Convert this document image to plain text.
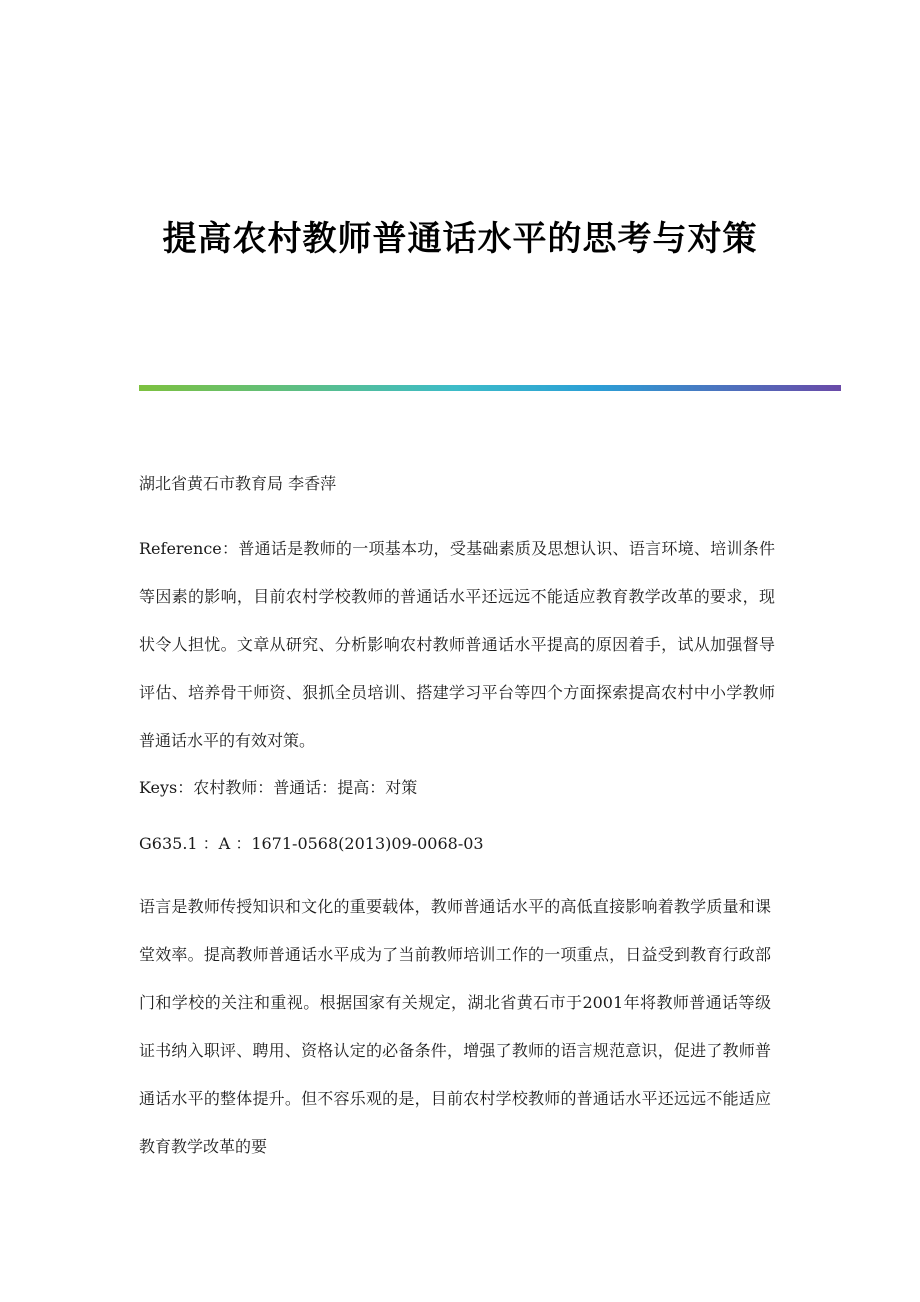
提高农村教师普通话水平的思考与对策

湖北省黄石市教育局 李香萍

Reference：普通话是教师的一项基本功，受基础素质及思想认识、语言环境、培训条件等因素的影响，目前农村学校教师的普通话水平还远远不能适应教育教学改革的要求，现状令人担忧。文章从研究、分析影响农村教师普通话水平提高的原因着手，试从加强督导评估、培养骨干师资、狠抓全员培训、搭建学习平台等四个方面探索提高农村中小学教师普通话水平的有效对策。

Keys：农村教师：普通话：提高：对策

G635.1 ：A ：1671-0568(2013)09-0068-03

语言是教师传授知识和文化的重要载体，教师普通话水平的高低直接影响着教学质量和课堂效率。提高教师普通话水平成为了当前教师培训工作的一项重点，日益受到教育行政部门和学校的关注和重视。根据国家有关规定，湖北省黄石市于2001年将教师普通话等级证书纳入职评、聘用、资格认定的必备条件，增强了教师的语言规范意识，促进了教师普通话水平的整体提升。但不容乐观的是，目前农村学校教师的普通话水平还远远不能适应教育教学改革的要
